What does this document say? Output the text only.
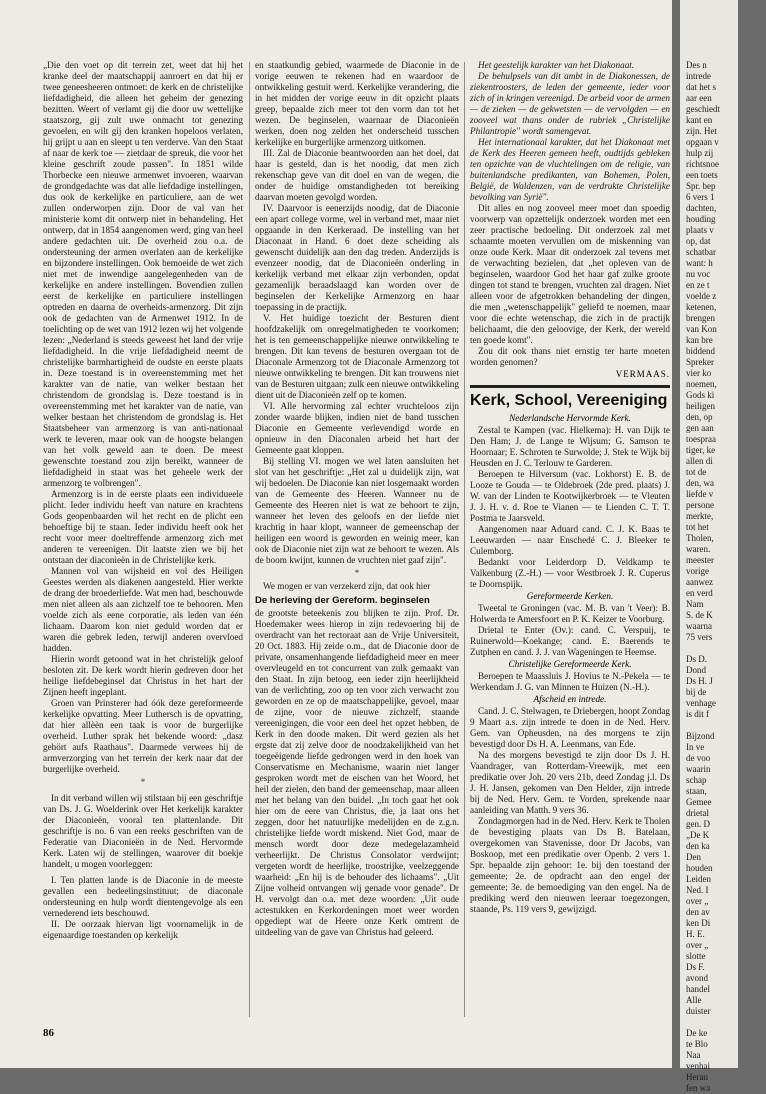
„Die den voet op dit terrein zet, weet dat hij het kranke deel der maatschappij aanroert en dat hij er twee geneesheeren ontmoet: de kerk en de christelijke liefdadigheid, die alleen het geheim der genezing bezitten. Weert of verlamt gij die door uw wettelijke staatszorg, gij zult uwe onmacht tot genezing gevoelen, en wilt gij den kranken hopeloos verlaten, hij grijpt u aan en sleept u ten verderve. Van den Staat af naar de kerk toe — zietdaar de spreuk, die voor het kleine geschrift zoude passen". In 1851 wilde Thorbecke een nieuwe armenwet invoeren, waarvan de grondgedachte was dat alle liefdadige instellingen, dus ook de kerkelijke en particuliere, aan de wet zullen onderworpen zijn. Door de val van het ministerie komt dit ontwerp niet in behandeling. Het ontwerp, dat in 1854 aangenomen werd, ging van heel andere gedachten uit. De overheid zou o.a. de ondersteuning der armen overlaten aan de kerkelijke en bijzondere instellingen. Ook bemoeide de wet zich niet met de inwendige aangelegenheden van de kerkelijke en andere instellingen. Bovendien zullen eerst de kerkelijke en particuliere instellingen optreden en daarna de overheids-armenzorg. Dit zijn ook de gedachten van de Armenwet 1912. In de toelichting op de wet van 1912 lezen wij het volgende lezen: „Nederland is steeds geweest het land der vrije liefdadigheid. In die vrije liefdadigheid neemt de christelijke barmhartigheid de oudste en eerste plaats in. Deze toestand is in overeenstemming met het karakter van de natie, van welker bestaan het christendom de grondslag is. Deze toestand is in overeenstemming met het karakter van de natie, van welker bestaan het christendom de grondslag is. Het Staatsbeheer van armenzorg is van anti-nationaal werk te leveren, maar ook van de hoogste belangen van het volk geweld aan te doen. De meest gewenschte toestand zou zijn bereikt, wanneer de liefdadigheid in staat was het geheele werk der armenzorg te volbrengen".

Armenzorg is in de eerste plaats een individueele plicht. Ieder individu heeft van nature en krachtens Gods geopenbaarden wil het recht en de plicht een behoeftige bij te staan. Ieder individu heeft ook het recht voor meer doeltreffende armenzorg zich met anderen te vereenigen. Dit laatste zien we bij het ontstaan der diaconieën in de Christelijke kerk.

Mannen vol van wijsheid en vol des Heiligen Geestes werden als diakenen aangesteld. Hier werkte de drang der broederliefde. Wat men had, beschouwde men niet alleen als aan zichzelf toe te behooren. Men voelde zich als eene corporatie, als leden van één lichaam. Daarom kon niet geduld worden dat er waren die gebrek leden, terwijl anderen overvloed hadden.

Hierin wordt getoond wat in het christelijk geloof besloten zit. De kerk wordt hierin gedreven door het heilige liefdebeginsel dat Christus in het hart der Zijnen heeft ingeplant.

Groen van Prinsterer had óók deze gereformeerde kerkelijke opvatting. Meer Luthersch is de opvatting, dat hier allèèn een taak is voor de burgerlijke overheid. Luther sprak het bekende woord: „dasz gehört aufs Raathaus". Daarmede verwees hij de armverzorging van het terrein der kerk naar dat der burgerlijke overheid.

*

In dit verband willen wij stilstaan bij een geschriftje van Ds. J. G. Woelderink over Het kerkelijk karakter der Diaconieën, vooral ten plattenlande. Dit geschriftje is no. 6 van een reeks geschriften van de Federatie van Diaconieën in de Ned. Hervormde Kerk. Laten wij de stellingen, waarover dit boekje handelt, u mogen voorleggen:

I. Ten platten lande is de Diaconie in de meeste gevallen een bedeelingsinstituut; de diaconale ondersteuning en hulp wordt dientengevolge als een vernederend iets beschouwd.

II. De oorzaak hiervan ligt voornamelijk in de eigenaardige toestanden op kerkelijk

en staatkundig gebied, waarmede de Diaconie in de vorige eeuwen te rekenen had en waardoor de ontwikkeling gestuit werd. Kerkelijke verandering, die in het midden der vorige eeuw in dit opzicht plaats greep, bepaalde zich meer tot den vorm dan tot het wezen. De beginselen, waarnaar de Diaconieën werken, doen nog zelden het onderscheid tusschen kerkelijke en burgerlijke armenzorg uitkomen.

III. Zal de Diaconie beantwoorden aan het doel, dat haar is gesteld, dan is het noodig, dat men zich rekenschap geve van dit doel en van de wegen, die onder de huidige omstandigheden tot bereiking daarvan moeten gevolgd worden.

IV. Daarvoor is eenerzijds noodig, dat de Diaconie een apart college vorme, wel in verband met, maar niet opgaande in den Kerkeraad. De instelling van het Diaconaat in Hand. 6 doet deze scheiding als gewenscht duidelijk aan den dag treden. Anderzijds is evenzeer noodig, dat de Diaconieën onderling in kerkelijk verband met elkaar zijn verbonden, opdat gezamenlijk beraadslaagd kan worden over de beginselen der Kerkelijke Armenzorg en haar toepassing in de practijk.

V. Het huidige toezicht der Besturen dient hoofdzakelijk om onregelmatigheden te voorkomen; het is ten gemeenschappelijke nieuwe ontwikkeling te brengen. Dit kan tevens de besturen overgaan tot de Diaconale Armenzorg tot de Diaconale Armenzorg tot nieuwe ontwikkeling te brengen. Dit kan trouwens niet van de Besturen uitgaan; zulk een nieuwe ontwikkeling dient uit de Diaconieën zelf op te komen.

VI. Alle hervorming zal echter vruchteloos zijn zonder waarde blijken, indien niet de band tusschen Diaconie en Gemeente verlevendigd worde en opnieuw in den Diaconalen arbeid het hart der Gemeente gaat kloppen.

Bij stelling VI. mogen we wel laten aansluiten het slot van het geschriftje: „Het zal u duidelijk zijn, wat wij bedoelen. De Diaconie kan niet losgemaakt worden van de Gemeente des Heeren. Wanneer nu de Gemeente des Heeren niet is wat ze behoort te zijn, wanneer het leven des geloofs en der liefde niet krachtig in haar klopt, wanneer de gemeenschap der heiligen een woord is geworden en weinig meer, kan ook de Diaconie niet zijn wat ze behoort te wezen. Als de boom kwijnt, kunnen de vruchten niet gaaf zijn".

*

We mogen er van verzekerd zijn, dat ook hier

De herleving der Gereform. beginselen

de grootste beteekenis zou blijken te zijn. Prof. Dr. Hoedemaker wees hierop in zijn redevoering bij de overdracht van het rectoraat aan de Vrije Universiteit, 20 Oct. 1883. Hij zeide o.m., dat de Diaconie door de private, onsamenhangende liefdadigheid meer en meer overvleugeld en tot concurrent van zulk gemaakt van den Staat. In zijn betoog, een ieder zijn heerlijkheid van de verlichting, zoo op ten voor zich verwacht zou geworden en ze op de maatschappelijke, gevoel, maar de zijne, voor de nieuwe zichzelf, staande vereenigingen, die voor een deel het opzet hebben, de Kerk in den doode maken. Dit werd gezien als het ergste dat zij zelve door de noodzakelijkheid van het toegeëigende liefde gedrongen werd in den hoek van Conservatisme en Mechanisme, waarin niet langer gesproken wordt met de eischen van het Woord, het heil der zielen, den band der gemeenschap, maar alleen met het belang van den buidel. „In toch gaat het ook hier om de eere van Christus, die, ja laat ons het zeggen, door het natuurlijke medelijden en de z.g.n. christelijke liefde wordt miskend. Niet God, maar de mensch wordt door deze medegelazamheid verheerlijkt. De Christus Consolator verdwijnt; vergeten wordt de heerlijke, troostrijke, veelzeggende waarheid: „En hij is de behouder des lichaams". „Uit Zijne volheid ontvangen wij genade voor genade". Dr H. vervolgt dan o.a. met deze woorden: „Uit oude actestukken en Kerkordeningen moet weer worden opgediept wat de Heere onze Kerk omtrent de uitdeeling van de gave van Christus had geleerd.

Het geestelijk karakter van het Diakonaat.

De behulpsels van dit ambt in de Diakonessen, de ziekentroosters, de leden der gemeente, ieder voor zich of in kringen vereenigd. De arbeid voor de armen — de zieken — de gekwetsten — de vervolgden — en zooveel wat thans onder de rubriek „Christelijke Philantropie" wordt samengevat.

Het internationaal karakter, dat het Diakonaat met de Kerk des Heeren gemeen heeft, oudtijds gebleken ten opzichte van de vluchtelingen om de religie, van buitenlandsche predikanten, van Bohemen, Polen, België, de Waldenzen, van de verdrukte Christelijke bevolking van Syrië".

Dit alles en nog zooveel meer moet dan spoedig voorwerp van opzettelijk onderzoek worden met een zeer practische bedoeling. Dit onderzoek zal met schaamte moeten vervullen om de miskenning van onze oude Kerk. Maar dit onderzoek zal tevens met de verwachting bezielen, dat „het opleven van de beginselen, waardoor God het haar gaf zulke groote dingen tot stand te brengen, vruchten zal dragen. Niet alleen voor de afgetrokken behandeling der dingen, die men „wetenschappelijk" geliefd te noemen, maar voor die echte wetenschap, die zich in de practijk belichaamt, die den geloovige, der Kerk, der wereld ten goede komt".

Zou dit ook thans niet ernstig ter harte moeten worden genomen?

VERMAAS.
Kerk, School, Vereeniging
Nederlandsche Hervormde Kerk.

Zestal te Kampen (vac. Hielkema): H. van Dijk te Den Ham; J. de Lange te Wijsum; G. Samson te Hoornaar; E. Schroten te Surwolde; J. Stek te Wijk bij Heusden en J. C. Terlouw te Garderen.

Beroepen te Hilversum (vac. Lokhorst) E. B. de Looze te Gouda — te Oldebroek (2de pred. plaats) J. W. van der Linden te Kootwijkerbroek — te Vleuten J. J. H. v. d. Roe te Vianen — te Lienden C. T. T. Postma te Jaarsveld.

Aangenomen naar Aduard cand. C. J. K. Baas te Leeuwarden — naar Enschedé C. J. Bleeker te Culemborg.

Bedankt voor Leiderdorp D. Veldkamp te Valkenburg (Z.-H.) — voor Westbroek J. R. Cuperus te Doornspijk.

Gereformeerde Kerken.

Tweetal te Groningen (vac. M. B. van 't Veer): B. Holwerda te Amersfoort en P. K. Keizer te Voorburg.

Drietal te Enter (Ov.): cand. C. Verspuij, te Ruinerwold—Koekange; cand. E. Baerends te Zutphen en cand. J. J. van Wageningen te Heemse.

Christelijke Gereformeerde Kerk.

Beroepen te Maassluis J. Hovius te N.-Pekela — te Werkendam J. G. van Minnen te Huizen (N.-H.).

Afscheid en intrede.

Cand. J. C. Stelwagen, te Driebergen, hoopt Zondag 9 Maart a.s. zijn intrede te doen in de Ned. Herv. Gem. van Opheusden, na des morgens te zijn bevestigd door Ds H. A. Leenmans, van Ede.

Na des morgens bevestigd te zijn door Ds J. H. Vaandrager, van Rotterdam-Vreewijk, met een predikatie over Joh. 20 vers 21b, deed Zondag j.l. Ds J. H. Jansen, gekomen van Den Helder, zijn intrede bij de Ned. Herv. Gem. te Vorden, sprekende naar aanleiding van Matth. 9 vers 36.

Zondagmorgen had in de Ned. Herv. Kerk te Tholen de bevestiging plaats van Ds B. Batelaan, overgekomen van Stavenisse, door Dr Jacobs, van Boskoop, met een predikatie over Openb. 2 vers 1. Spr. bepaalde zijn gehoor: 1e. bij den toestand der gemeente; 2e. de opdracht aan den engel der gemeente; 3e. de bemoediging van den engel. Na de prediking werd den nieuwen leeraar toegezongen, staande, Ps. 119 vers 9, gewijzigd.

86
Des n
intrede
dat het s
aar een
geschiedt
kant en
zijn. Het
opgaan v
hulp zij
richtsnoe
een toets
Spr. bep
6 vers 1
dachten,
houding
plaats v
op, dat
schatbar
want: h
nu voc
en ze t
voelde z
ketenen,
brengen
van Kon
kan bre
biddend
Spreker
vier ko
noemen,
Gods ki
heiligen
den, op
gen aan
toespraa
tiger, ke
allen di
tot de
den, wa
liefde v
persone
merkte,
tot het
Tholen,
waren.
meester
vorige
aanwez
en verd
Nam
S. de K
waarna
75 vers

Ds D.
Dond
Ds H. J
bij de
venhage
is dit f

Bijzond
In ve
de voo
waarin
schap
staan,
Gemee
drietal
gen. D
„De K
den ka
Den
houden
Leiden
Ned. I
over „
den av
ken Di
H. E.
over „
slotte
Ds F.
avond
handel
Alle
duister

De ke
te Blo
Naa
venhai
Herau
fen wa
